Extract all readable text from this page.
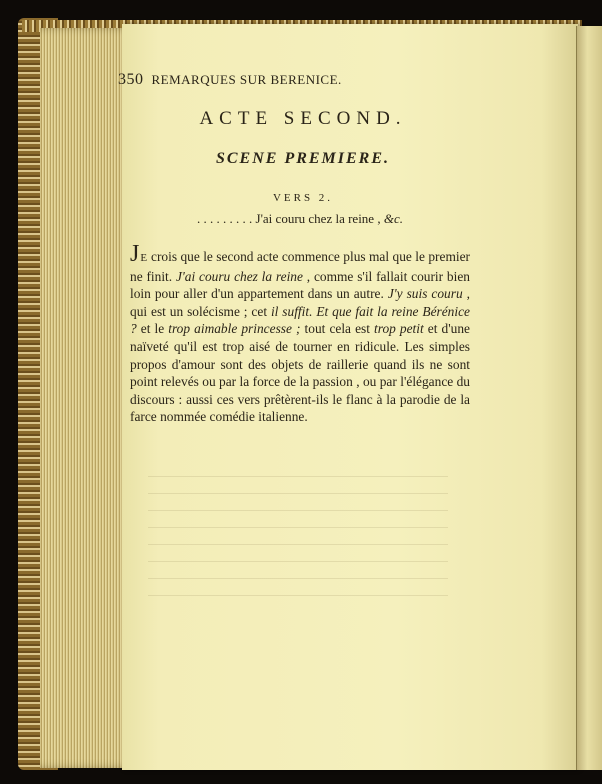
350 REMARQUES SUR BERENICE.
ACTE SECOND.
SCENE PREMIERE.
VERS 2.
. . . . . . . . . J'ai couru chez la reine , &c.

JE crois que le second acte commence plus mal que le premier ne finit. J'ai couru chez la reine , comme s'il fallait courir bien loin pour aller d'un appartement dans un autre. J'y suis couru , qui est un solécisme ; cet il suffit. Et que fait la reine Bérénice ? et le trop aimable princesse ; tout cela est trop petit et d'une naïveté qu'il est trop aisé de tourner en ridicule. Les simples propos d'amour sont des objets de raillerie quand ils ne sont point relevés ou par la force de la passion , ou par l'élégance du discours : aussi ces vers prêtèrent-ils le flanc à la parodie de la farce nommée comédie italienne.
